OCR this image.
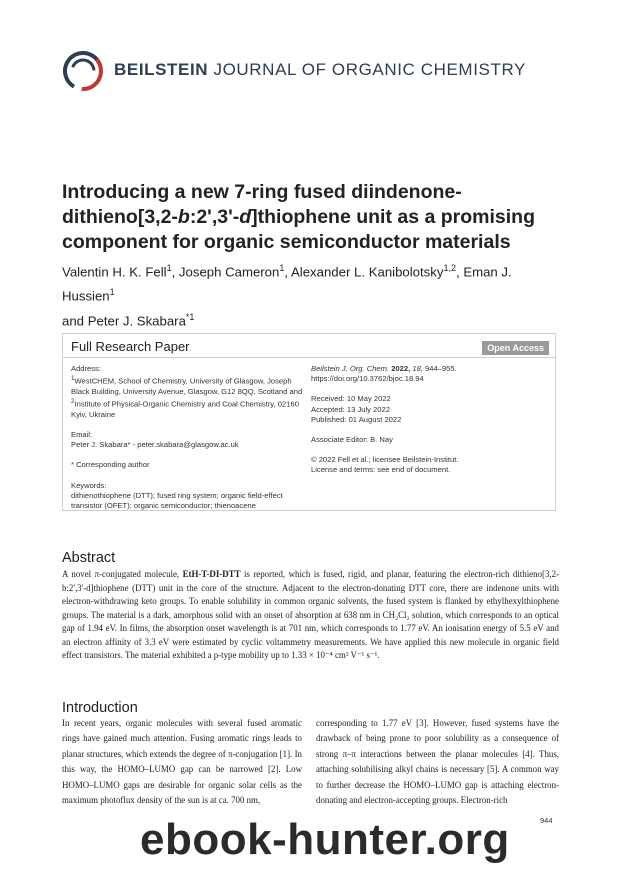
BEILSTEIN JOURNAL OF ORGANIC CHEMISTRY
Introducing a new 7-ring fused diindenone-dithieno[3,2-b:2',3'-d]thiophene unit as a promising component for organic semiconductor materials
Valentin H. K. Fell$^1$, Joseph Cameron$^1$, Alexander L. Kanibolotsky$^{1,2}$, Eman J. Hussien$^1$
and Peter J. Skabara$^{*1}$
Full Research Paper	Open Access
Address:
$^1$WestCHEM, School of Chemistry, University of Glasgow, Joseph Black Building, University Avenue, Glasgow, G12 8QQ, Scotland and
$^2$Institute of Physical-Organic Chemistry and Coal Chemistry, 02160 Kyiv, Ukraine
Email:
Peter J. Skabara* - peter.skabara@glasgow.ac.uk
* Corresponding author
Keywords:
dithienothiophene (DTT); fused ring system; organic field-effect transistor (OFET); organic semiconductor; thienoacene
Beilstein J. Org. Chem. 2022, 18, 944–955.
https://doi.org/10.3762/bjoc.18.94
Received: 10 May 2022
Accepted: 13 July 2022
Published: 01 August 2022
Associate Editor: B. Nay
© 2022 Fell et al.; licensee Beilstein-Institut.
License and terms: see end of document.
Abstract
A novel π-conjugated molecule, EtH-T-DI-DTT is reported, which is fused, rigid, and planar, featuring the electron-rich dithieno[3,2-b:2',3'-d]thiophene (DTT) unit in the core of the structure. Adjacent to the electron-donating DTT core, there are indenone units with electron-withdrawing keto groups. To enable solubility in common organic solvents, the fused system is flanked by ethylhexylthiophene groups. The material is a dark, amorphous solid with an onset of absorption at 638 nm in CH₂Cl₂ solution, which corresponds to an optical gap of 1.94 eV. In films, the absorption onset wavelength is at 701 nm, which corresponds to 1.77 eV. An ionisation energy of 5.5 eV and an electron affinity of 3.3 eV were estimated by cyclic voltammetry measurements. We have applied this new molecule in organic field effect transistors. The material exhibited a p-type mobility up to 1.33 × 10⁻⁴ cm² V⁻¹ s⁻¹.
Introduction
In recent years, organic molecules with several fused aromatic rings have gained much attention. Fusing aromatic rings leads to planar structures, which extends the degree of π-conjugation [1]. In this way, the HOMO–LUMO gap can be narrowed [2]. Low HOMO–LUMO gaps are desirable for organic solar cells as the maximum photoflux density of the sun is at ca. 700 nm,
corresponding to 1.77 eV [3]. However, fused systems have the drawback of being prone to poor solubility as a consequence of strong π–π interactions between the planar molecules [4]. Thus, attaching solubilising alkyl chains is necessary [5]. A common way to further decrease the HOMO–LUMO gap is attaching electron-donating and electron-accepting groups. Electron-rich
944
ebook-hunter.org
